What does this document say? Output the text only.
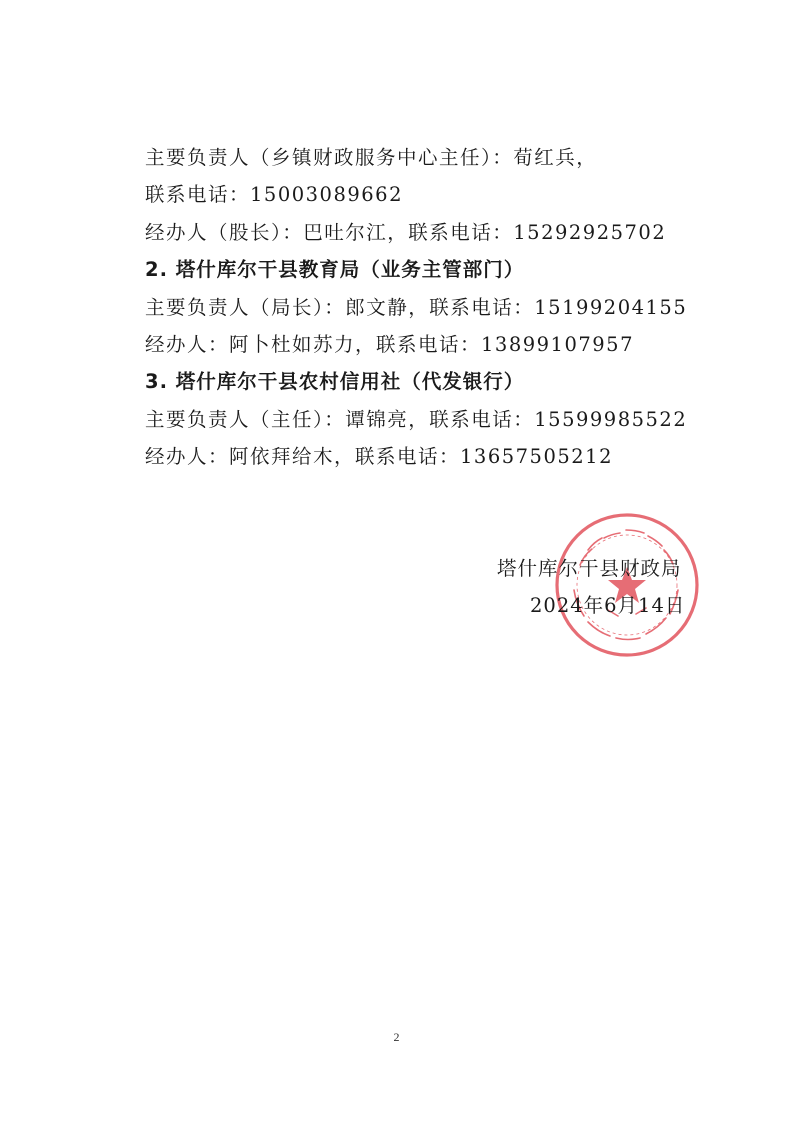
主要负责人（乡镇财政服务中心主任）：荀红兵，
联系电话：15003089662
经办人（股长）：巴吐尔江，联系电话：15292925702
2. 塔什库尔干县教育局（业务主管部门）
主要负责人（局长）：郎文静，联系电话：15199204155
经办人：阿卜杜如苏力，联系电话：13899107957
3. 塔什库尔干县农村信用社（代发银行）
主要负责人（主任）：谭锦亮，联系电话：15599985522
经办人：阿依拜给木，联系电话：13657505212
塔什库尔干县财政局
2024年6月14日
2
